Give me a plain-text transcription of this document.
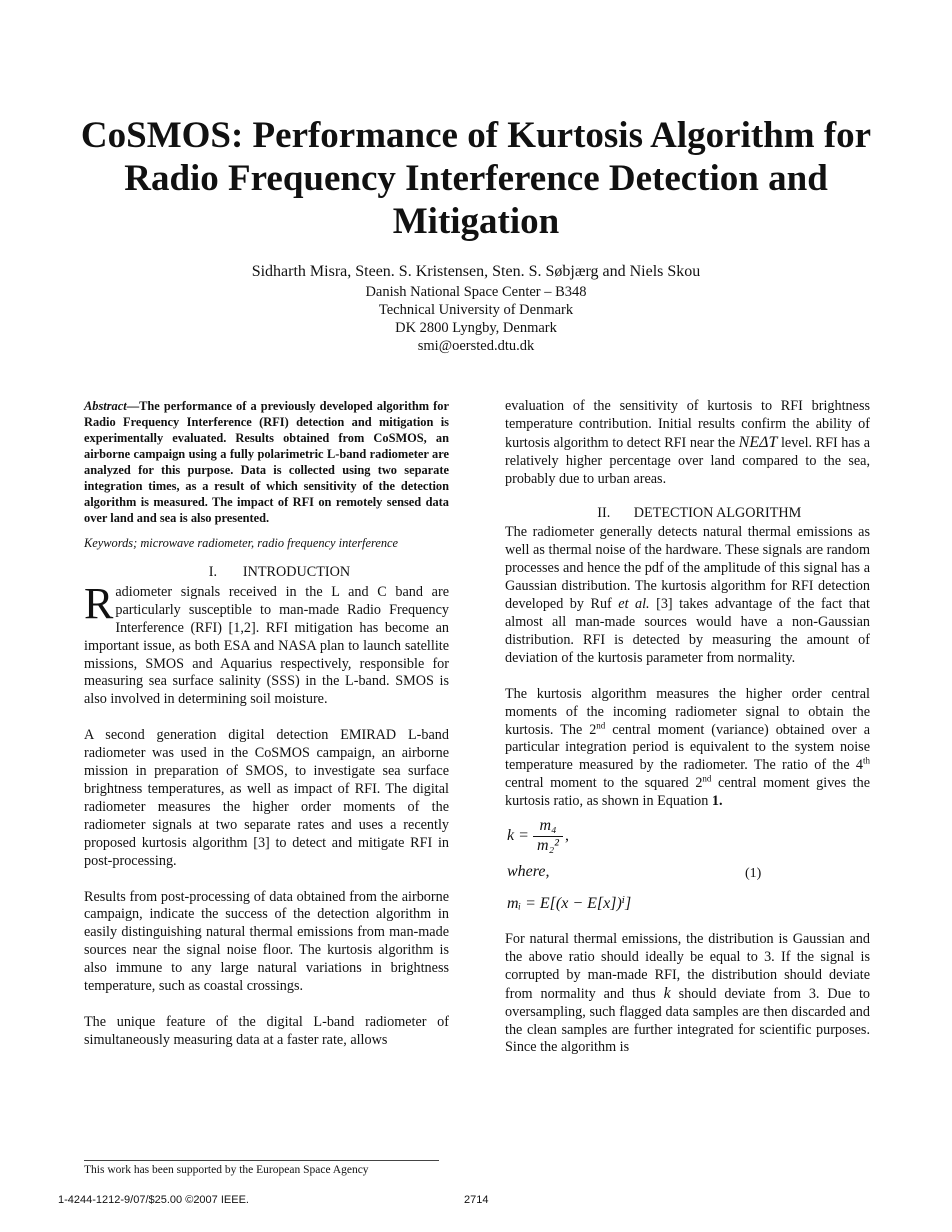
CoSMOS: Performance of Kurtosis Algorithm for Radio Frequency Interference Detection and Mitigation
Sidharth Misra, Steen. S. Kristensen, Sten. S. Søbjærg and Niels Skou
Danish National Space Center – B348
Technical University of Denmark
DK 2800 Lyngby, Denmark
smi@oersted.dtu.dk

Abstract—The performance of a previously developed algorithm for Radio Frequency Interference (RFI) detection and mitigation is experimentally evaluated. Results obtained from CoSMOS, an airborne campaign using a fully polarimetric L-band radiometer are analyzed for this purpose. Data is collected using two separate integration times, as a result of which sensitivity of the detection algorithm is measured. The impact of RFI on remotely sensed data over land and sea is also presented.

Keywords; microwave radiometer, radio frequency interference

I. INTRODUCTION

Radiometer signals received in the L and C band are particularly susceptible to man-made Radio Frequency Interference (RFI) [1,2]. RFI mitigation has become an important issue, as both ESA and NASA plan to launch satellite missions, SMOS and Aquarius respectively, responsible for measuring sea surface salinity (SSS) in the L-band. SMOS is also involved in determining soil moisture.

A second generation digital detection EMIRAD L-band radiometer was used in the CoSMOS campaign, an airborne mission in preparation of SMOS, to investigate sea surface brightness temperatures, as well as impact of RFI. The digital radiometer measures the higher order moments of the radiometer signals at two separate rates and uses a recently proposed kurtosis algorithm [3] to detect and mitigate RFI in post-processing.

Results from post-processing of data obtained from the airborne campaign, indicate the success of the detection algorithm in easily distinguishing natural thermal emissions from man-made sources near the signal noise floor. The kurtosis algorithm is also immune to any large natural variations in brightness temperature, such as coastal crossings.

The unique feature of the digital L-band radiometer of simultaneously measuring data at a faster rate, allows

evaluation of the sensitivity of kurtosis to RFI brightness temperature contribution. Initial results confirm the ability of kurtosis algorithm to detect RFI near the NEΔT level. RFI has a relatively higher percentage over land compared to the sea, probably due to urban areas.

II. DETECTION ALGORITHM

The radiometer generally detects natural thermal emissions as well as thermal noise of the hardware. These signals are random processes and hence the pdf of the amplitude of this signal has a Gaussian distribution. The kurtosis algorithm for RFI detection developed by Ruf et al. [3] takes advantage of the fact that almost all man-made sources would have a non-Gaussian distribution. RFI is detected by measuring the amount of deviation of the kurtosis parameter from normality.

The kurtosis algorithm measures the higher order central moments of the incoming radiometer signal to obtain the kurtosis. The 2nd central moment (variance) obtained over a particular integration period is equivalent to the system noise temperature measured by the radiometer. The ratio of the 4th central moment to the squared 2nd central moment gives the kurtosis ratio, as shown in Equation 1.

$k = \frac{\text{m₄}}{\text{m₂²}}$ ,
where,	(1)
mᵢ = E[(x − E[x])ⁱ]

For natural thermal emissions, the distribution is Gaussian and the above ratio should ideally be equal to 3. If the signal is corrupted by man-made RFI, the distribution should deviate from normality and thus k should deviate from 3. Due to oversampling, such flagged data samples are then discarded and the clean samples are further integrated for scientific purposes. Since the algorithm is

This work has been supported by the European Space Agency
1-4244-1212-9/07/$25.00 ©2007 IEEE.	2714
